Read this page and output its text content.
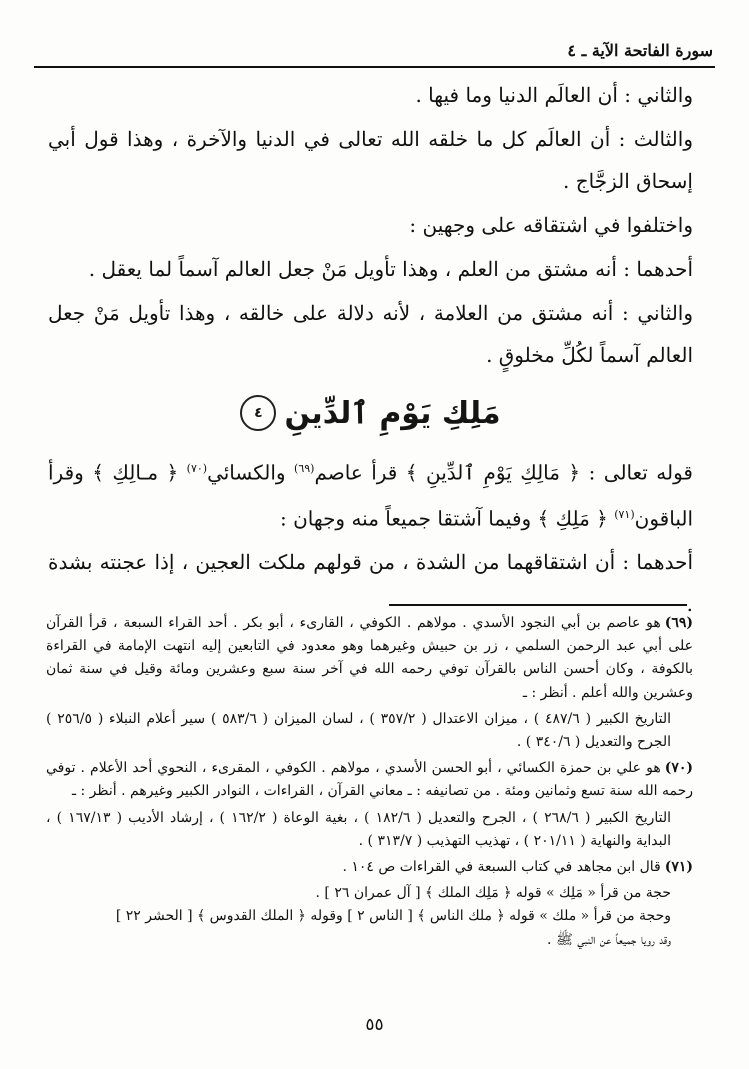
سورة الفاتحة الآية ـ ٤

والثاني : أن العالَم الدنيا وما فيها .

والثالث : أن العالَم كل ما خلقه الله تعالى في الدنيا والآخرة ، وهذا قول أبي إسحاق الزجَّاج .

واختلفوا في اشتقاقه على وجهين :

أحدهما : أنه مشتق من العلم ، وهذا تأويل مَنْ جعل العالم آسماً لما يعقل .

والثاني : أنه مشتق من العلامة ، لأنه دلالة على خالقه ، وهذا تأويل مَنْ جعل العالم آسماً لكُلِّ مخلوقٍ .

مَلِكِ يَوْمِ ٱلدِّينِ
٤

قوله تعالى : ﴿ مَالِكِ يَوْمِ ٱلدِّينِ ﴾ قرأ عاصم$^{(٦٩)}$ والكسائي$^{(٧٠)}$ ﴿ مـالِكِ ﴾ وقرأ الباقون$^{(٧١)}$ ﴿ مَلِكِ ﴾ وفيما آشتقا جميعاً منه وجهان :

أحدهما : أن اشتقاقهما من الشدة ، من قولهم ملكت العجين ، إذا عجنته بشدة .

(٦٩)هو عاصم بن أبي النجود الأسدي . مولاهم . الكوفي ، القارىء ، أبو بكر . أحد القراء السبعة ، قرأ القرآن على أبي عبد الرحمن السلمي ، زر بن حبيش وغيرهما وهو معدود في التابعين إليه انتهت الإمامة في القراءة بالكوفة ، وكان أحسن الناس بالقرآن توفي رحمه الله في آخر سنة سبع وعشرين ومائة وقيل في سنة ثمان وعشرين والله أعلم . أنظر : ـ

التاريخ الكبير ( ٤٨٧/٦ ) ، ميزان الاعتدال ( ٣٥٧/٢ ) ، لسان الميزان ( ٥٨٣/٦ ) سير أعلام النبلاء ( ٢٥٦/٥ ) الجرح والتعديل ( ٣٤٠/٦ ) .

(٧٠)هو علي بن حمزة الكسائي ، أبو الحسن الأسدي ، مولاهم . الكوفي ، المقرىء ، النحوي أحد الأعلام . توفي رحمه الله سنة تسع وثمانين ومئة . من تصانيفه : ـ معاني القرآن ، القراءات ، النوادر الكبير وغيرهم . أنظر : ـ

التاريخ الكبير ( ٢٦٨/٦ ) ، الجرح والتعديل ( ١٨٢/٦ ) ، بغية الوعاة ( ١٦٢/٢ ) ، إرشاد الأديب ( ١٦٧/١٣ ) ، البداية والنهاية ( ٢٠١/١١ ) ، تهذيب التهذيب ( ٣١٣/٧ ) .

(٧١)قال ابن مجاهد في كتاب السبعة في القراءات ص ١٠٤ .

حجة من قرأ « مَلِك » قوله ﴿ مَلِك الملك ﴾ [ آل عمران ٢٦ ] .
وحجة من قرأ « ملك » قوله ﴿ ملك الناس ﴾ [ الناس ٢ ] وقوله ﴿ الملك القدوس ﴾ [ الحشر ٢٢ ]
وقد رويا جميعاً عن النبي ﷺ .

٥٥
